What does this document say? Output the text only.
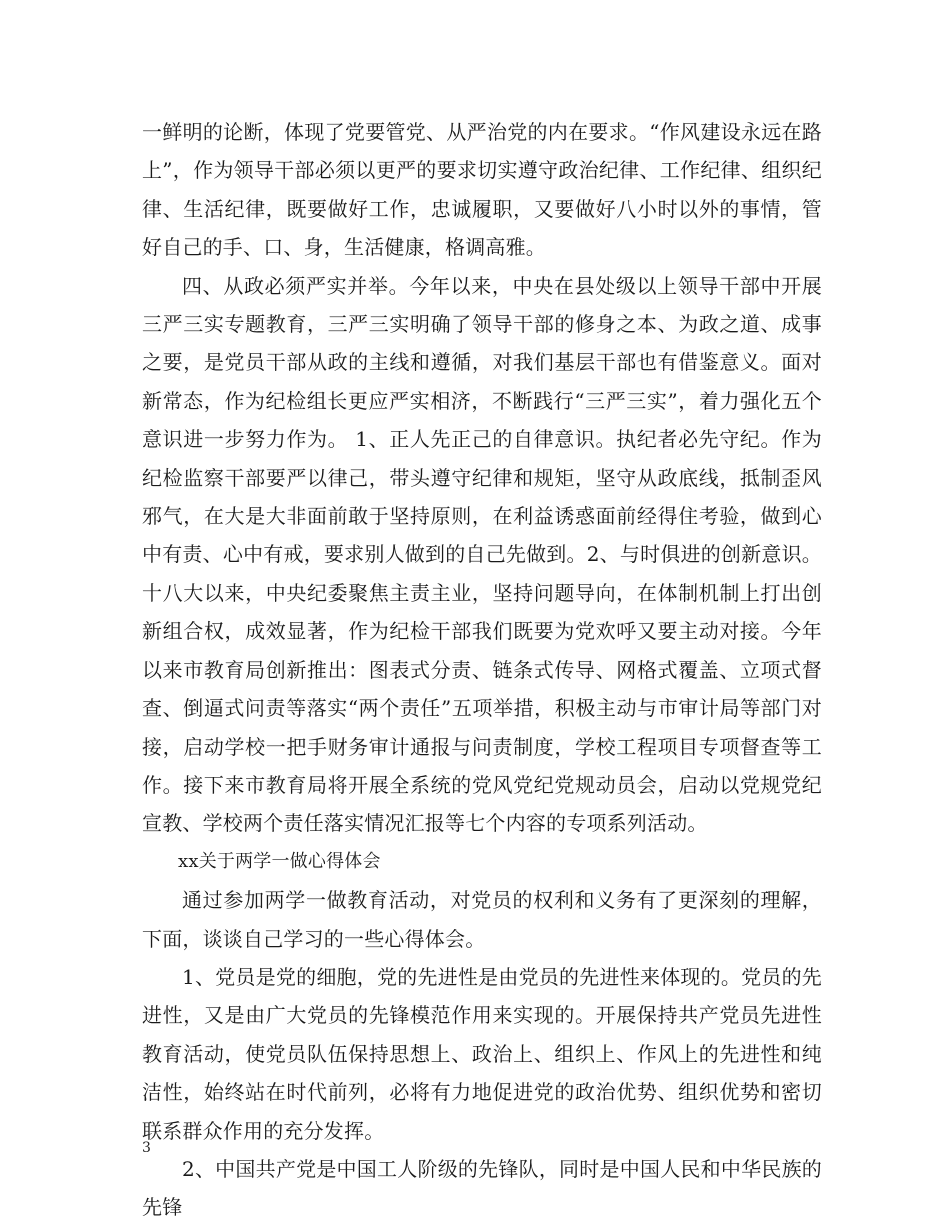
一鲜明的论断，体现了党要管党、从严治党的内在要求。“作风建设永远在路上”，作为领导干部必须以更严的要求切实遵守政治纪律、工作纪律、组织纪律、生活纪律，既要做好工作，忠诚履职，又要做好八小时以外的事情，管好自己的手、口、身，生活健康，格调高雅。

四、从政必须严实并举。今年以来，中央在县处级以上领导干部中开展三严三实专题教育，三严三实明确了领导干部的修身之本、为政之道、成事之要，是党员干部从政的主线和遵循，对我们基层干部也有借鉴意义。面对新常态，作为纪检组长更应严实相济，不断践行“三严三实”，着力强化五个意识进一步努力作为。 1、正人先正己的自律意识。执纪者必先守纪。作为纪检监察干部要严以律己，带头遵守纪律和规矩，坚守从政底线，抵制歪风邪气，在大是大非面前敢于坚持原则，在利益诱惑面前经得住考验，做到心中有责、心中有戒，要求别人做到的自己先做到。2、与时俱进的创新意识。十八大以来，中央纪委聚焦主责主业，坚持问题导向，在体制机制上打出创新组合权，成效显著，作为纪检干部我们既要为党欢呼又要主动对接。今年以来市教育局创新推出：图表式分责、链条式传导、网格式覆盖、立项式督查、倒逼式问责等落实“两个责任”五项举措，积极主动与市审计局等部门对接，启动学校一把手财务审计通报与问责制度，学校工程项目专项督查等工作。接下来市教育局将开展全系统的党风党纪党规动员会，启动以党规党纪宣教、学校两个责任落实情况汇报等七个内容的专项系列活动。

xx关于两学一做心得体会

通过参加两学一做教育活动，对党员的权利和义务有了更深刻的理解，下面，谈谈自己学习的一些心得体会。

1、党员是党的细胞，党的先进性是由党员的先进性来体现的。党员的先进性，又是由广大党员的先锋模范作用来实现的。开展保持共产党员先进性教育活动，使党员队伍保持思想上、政治上、组织上、作风上的先进性和纯洁性，始终站在时代前列，必将有力地促进党的政治优势、组织优势和密切联系群众作用的充分发挥。

2、中国共产党是中国工人阶级的先锋队，同时是中国人民和中华民族的先锋

3
